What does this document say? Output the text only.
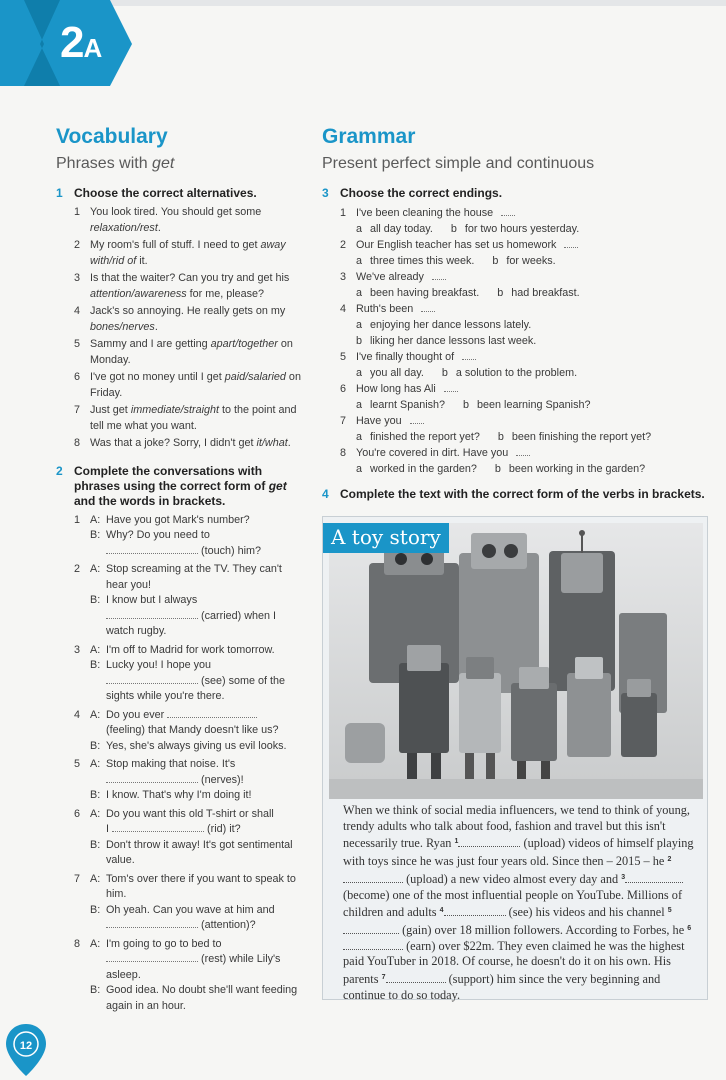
2A
Vocabulary
Phrases with get
1 Choose the correct alternatives.
1 You look tired. You should get some relaxation/rest.
2 My room's full of stuff. I need to get away with/rid of it.
3 Is that the waiter? Can you try and get his attention/awareness for me, please?
4 Jack's so annoying. He really gets on my bones/nerves.
5 Sammy and I are getting apart/together on Monday.
6 I've got no money until I get paid/salaried on Friday.
7 Just get immediate/straight to the point and tell me what you want.
8 Was that a joke? Sorry, I didn't get it/what.
2 Complete the conversations with phrases using the correct form of get and the words in brackets.
1 A: Have you got Mark's number?
B: Why? Do you need to
(touch) him?
2 A: Stop screaming at the TV. They can't hear you!
B: I know but I always
(carried) when I watch rugby.
3 A: I'm off to Madrid for work tomorrow.
B: Lucky you! I hope you
(see) some of the sights while you're there.
4 A: Do you ever
(feeling) that Mandy doesn't like us?
B: Yes, she's always giving us evil looks.
5 A: Stop making that noise. It's
(nerves)!
B: I know. That's why I'm doing it!
6 A: Do you want this old T-shirt or shall
I	(rid) it?
B: Don't throw it away! It's got sentimental value.
7 A: Tom's over there if you want to speak to him.
B: Oh yeah. Can you wave at him and
(attention)?
8 A: I'm going to go to bed to
(rest) while Lily's asleep.
B: Good idea. No doubt she'll want feeding again in an hour.
Grammar
Present perfect simple and continuous
3 Choose the correct endings.
1 I've been cleaning the house
a all day today. b for two hours yesterday.
2 Our English teacher has set us homework
a three times this week. b for weeks.
3 We've already
a been having breakfast. b had breakfast.
4 Ruth's been
a enjoying her dance lessons lately.
b liking her dance lessons last week.
5 I've finally thought of
a you all day. b a solution to the problem.
6 How long has Ali
a learnt Spanish? b been learning Spanish?
7 Have you
a finished the report yet? b been finishing the report yet?
8 You're covered in dirt. Have you
a worked in the garden? b been working in the garden?
4 Complete the text with the correct form of the verbs in brackets.
A toy story
When we think of social media influencers, we tend to think of young, trendy adults who talk about food, fashion and travel but this isn't necessarily true. Ryan $^1$	(upload) videos of himself playing with toys since he was just four years old. Since then – 2015 – he $^2$ (upload) a new video almost every day and $^3$ (become) one of the most influential people on YouTube. Millions of children and adults $^4$	(see) his videos and his channel $^5$ (gain) over 18 million followers. According to Forbes, he $^6$ (earn) over $22m. They even claimed he was the highest paid YouTuber in 2018. Of course, he doesn't do it on his own. His parents $^7$	(support) him since the very beginning and continue to do so today.
12
